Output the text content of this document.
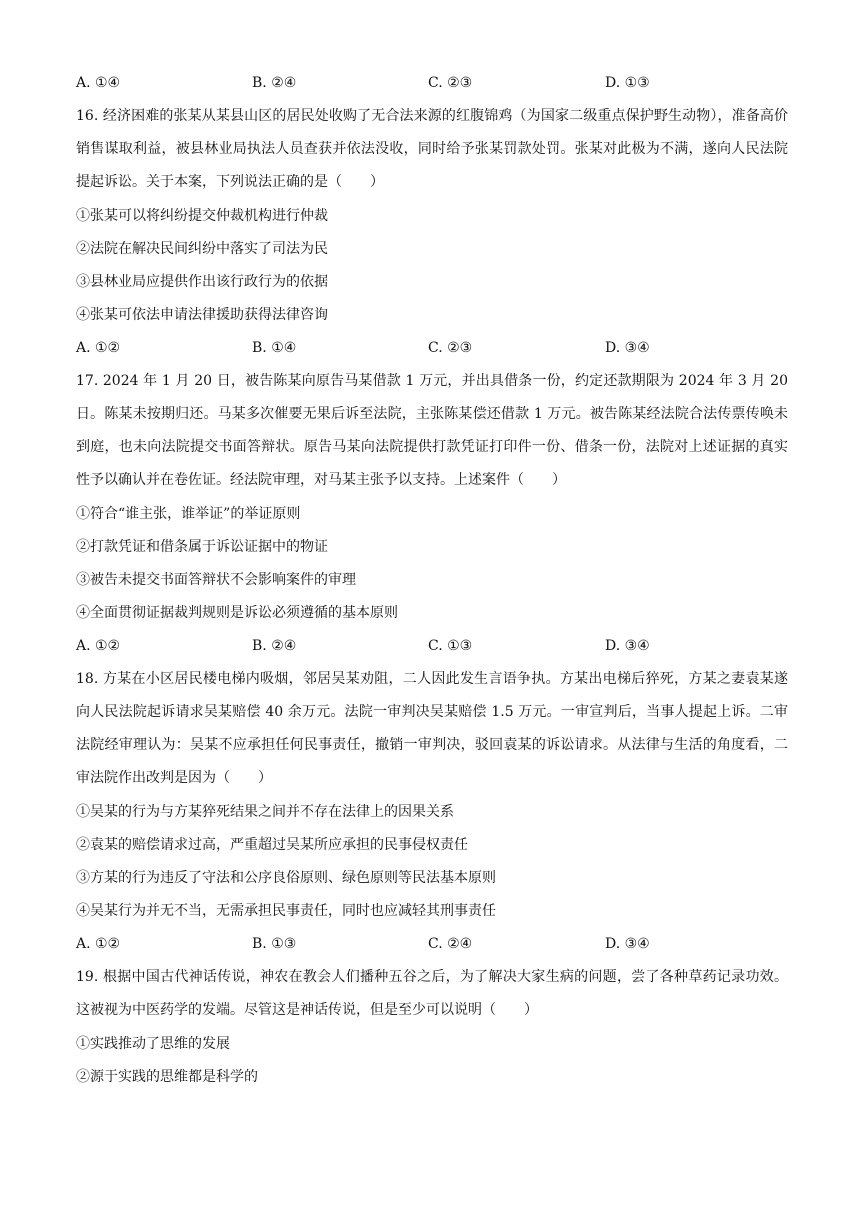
A. ①④	B. ②④	C. ②③	D. ①③

16. 经济困难的张某从某县山区的居民处收购了无合法来源的红腹锦鸡（为国家二级重点保护野生动物），准备高价销售谋取利益，被县林业局执法人员查获并依法没收，同时给予张某罚款处罚。张某对此极为不满，遂向人民法院提起诉讼。关于本案，下列说法正确的是（　　）

①张某可以将纠纷提交仲裁机构进行仲裁
②法院在解决民间纠纷中落实了司法为民
③县林业局应提供作出该行政行为的依据
④张某可依法申请法律援助获得法律咨询
A. ①②	B. ①④	C. ②③	D. ③④

17. 2024 年 1 月 20 日，被告陈某向原告马某借款 1 万元，并出具借条一份，约定还款期限为 2024 年 3 月 20 日。陈某未按期归还。马某多次催要无果后诉至法院，主张陈某偿还借款 1 万元。被告陈某经法院合法传票传唤未到庭，也未向法院提交书面答辩状。原告马某向法院提供打款凭证打印件一份、借条一份，法院对上述证据的真实性予以确认并在卷佐证。经法院审理，对马某主张予以支持。上述案件（　　）

①符合“谁主张，谁举证”的举证原则
②打款凭证和借条属于诉讼证据中的物证
③被告未提交书面答辩状不会影响案件的审理
④全面贯彻证据裁判规则是诉讼必须遵循的基本原则
A. ①②	B. ②④	C. ①③	D. ③④

18. 方某在小区居民楼电梯内吸烟，邻居吴某劝阻，二人因此发生言语争执。方某出电梯后猝死，方某之妻袁某遂向人民法院起诉请求吴某赔偿 40 余万元。法院一审判决吴某赔偿 1.5 万元。一审宣判后，当事人提起上诉。二审法院经审理认为：吴某不应承担任何民事责任，撤销一审判决，驳回袁某的诉讼请求。从法律与生活的角度看，二审法院作出改判是因为（　　）

①吴某的行为与方某猝死结果之间并不存在法律上的因果关系
②袁某的赔偿请求过高，严重超过吴某所应承担的民事侵权责任
③方某的行为违反了守法和公序良俗原则、绿色原则等民法基本原则
④吴某行为并无不当，无需承担民事责任，同时也应减轻其刑事责任
A. ①②	B. ①③	C. ②④	D. ③④

19. 根据中国古代神话传说，神农在教会人们播种五谷之后，为了解决大家生病的问题，尝了各种草药记录功效。这被视为中医药学的发端。尽管这是神话传说，但是至少可以说明（　　）

①实践推动了思维的发展
②源于实践的思维都是科学的
